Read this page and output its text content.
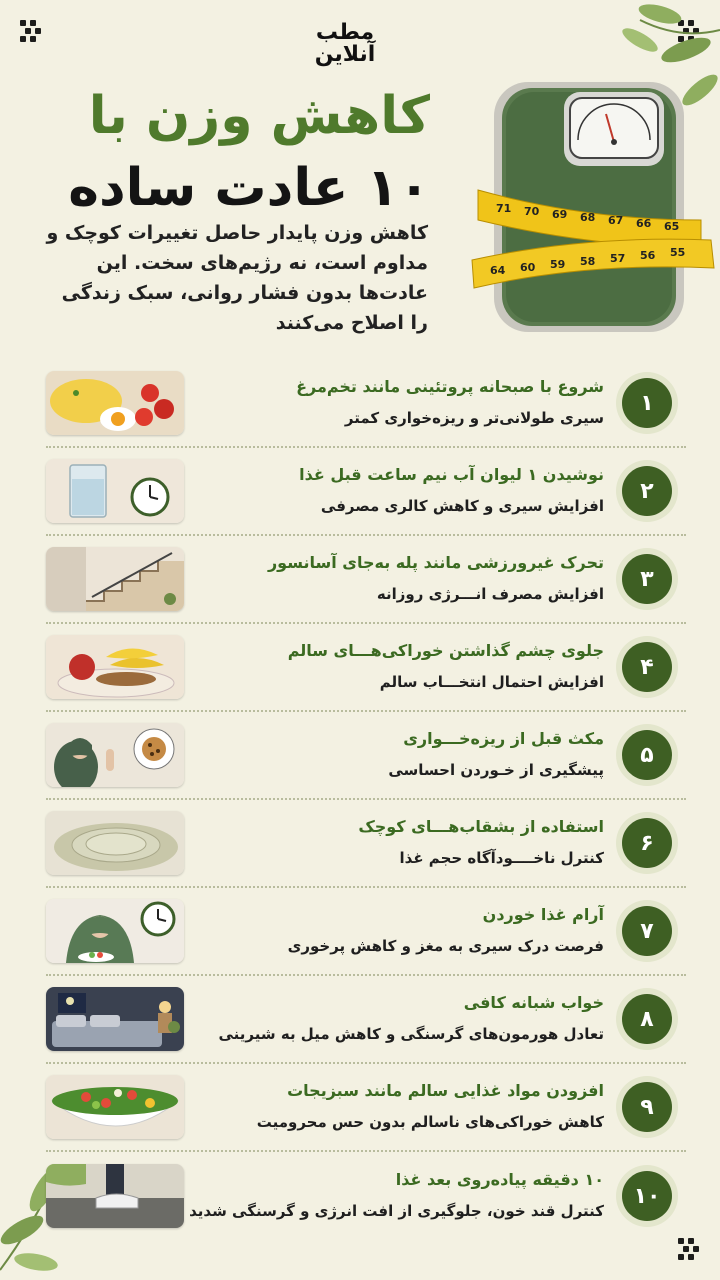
مطب
آنلاین
کاهش وزن با
۱۰ عادت ساده
کاهش وزن پایدار حاصل تغییرات کوچک و مداوم است، نه رژیم‌های سخت. این عادت‌ها بدون فشار روانی، سبک زندگی را اصلاح می‌کنند
71 70 69 68 67 66 65
64 60 59 58 57 56 55
۱
شروع با صبحانه پروتئینی مانند تخم‌مرغ
سیری طولانی‌تر و ریزه‌خواری کمتر
۲
نوشیدن ۱ لیوان آب نیم ساعت قبل غذا
افزایش سیری و کاهش کالری مصرفی
۳
تحرک غیرورزشی مانند پله به‌جای آسانسور
افزایش مصرف انـــرژی روزانه
۴
جلوی چشم گذاشتن خوراکی‌هـــای سالم
افزایش احتمال انتخـــاب سالم
۵
مکث قبل از ریزه‌خـــواری
پیشگیری از خـوردن احساسی
۶
استفاده از بشقاب‌هـــای کوچک
کنترل ناخــــودآگاه حجم غذا
۷
آرام غذا خوردن
فرصت درک سیری به مغز و کاهش پرخوری
۸
خواب شبانه کافی
تعادل هورمون‌های گرسنگی و کاهش میل به شیرینی
۹
افزودن مواد غذایی سالم مانند سبزیجات
کاهش خوراکی‌های ناسالم بدون حس محرومیت
۱۰
۱۰ دقیقه پیاده‌روی بعد غذا
کنترل قند خون، جلوگیری از افت انرژی و گرسنگی شدید
